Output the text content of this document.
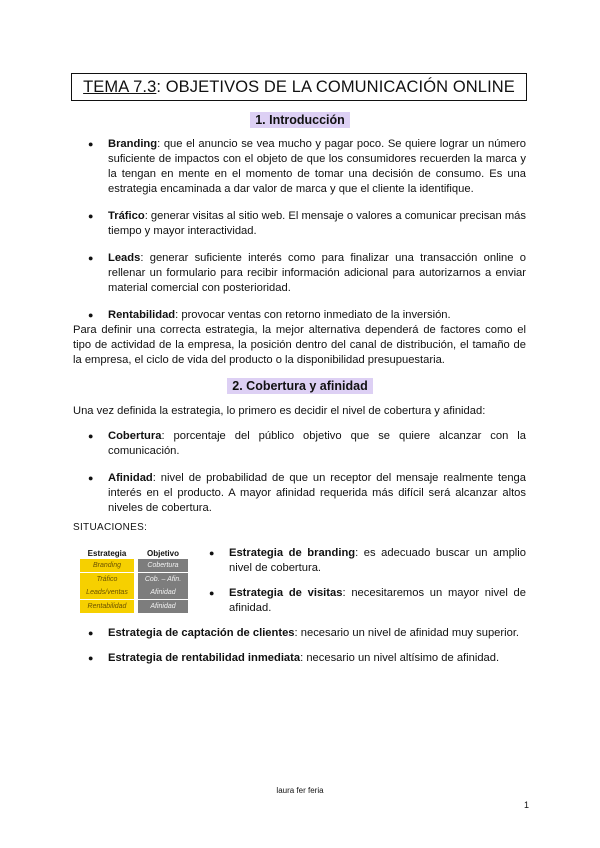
TEMA 7.3 : OBJETIVOS DE LA COMUNICACIÓN ONLINE
1. Introducción
● Branding: que el anuncio se vea mucho y pagar poco. Se quiere lograr un número suficiente de impactos con el objeto de que los consumidores recuerden la marca y la tengan en mente en el momento de tomar una decisión de consumo. Es una estrategia encaminada a dar valor de marca y que el cliente la identifique.
● Tráfico: generar visitas al sitio web. El mensaje o valores a comunicar precisan más tiempo y mayor interactividad.
● Leads: generar suficiente interés como para finalizar una transacción online o rellenar un formulario para recibir información adicional para autorizarnos a enviar material comercial con posterioridad.
● Rentabilidad: provocar ventas con retorno inmediato de la inversión.
Para definir una correcta estrategia, la mejor alternativa dependerá de factores como el tipo de actividad de la empresa, la posición dentro del canal de distribución, el tamaño de la empresa, el ciclo de vida del producto o la disponibilidad presupuestaria.
2. Cobertura y afinidad
Una vez definida la estrategia, lo primero es decidir el nivel de cobertura y afinidad:
● Cobertura: porcentaje del público objetivo que se quiere alcanzar con la comunicación.
● Afinidad: nivel de probabilidad de que un receptor del mensaje realmente tenga interés en el producto. A mayor afinidad requerida más difícil será alcanzar altos niveles de cobertura.
SITUACIONES:
Estrategia	Objetivo
Branding	Cobertura
Tráfico	Cob. – Afin.
Leads/ventas	Afinidad
Rentabilidad	Afinidad
● Estrategia de branding: es adecuado buscar un amplio nivel de cobertura.
● Estrategia de visitas: necesitaremos un mayor nivel de afinidad.
● Estrategia de captación de clientes: necesario un nivel de afinidad muy superior.
● Estrategia de rentabilidad inmediata: necesario un nivel altísimo de afinidad.
laura fer feria
1
